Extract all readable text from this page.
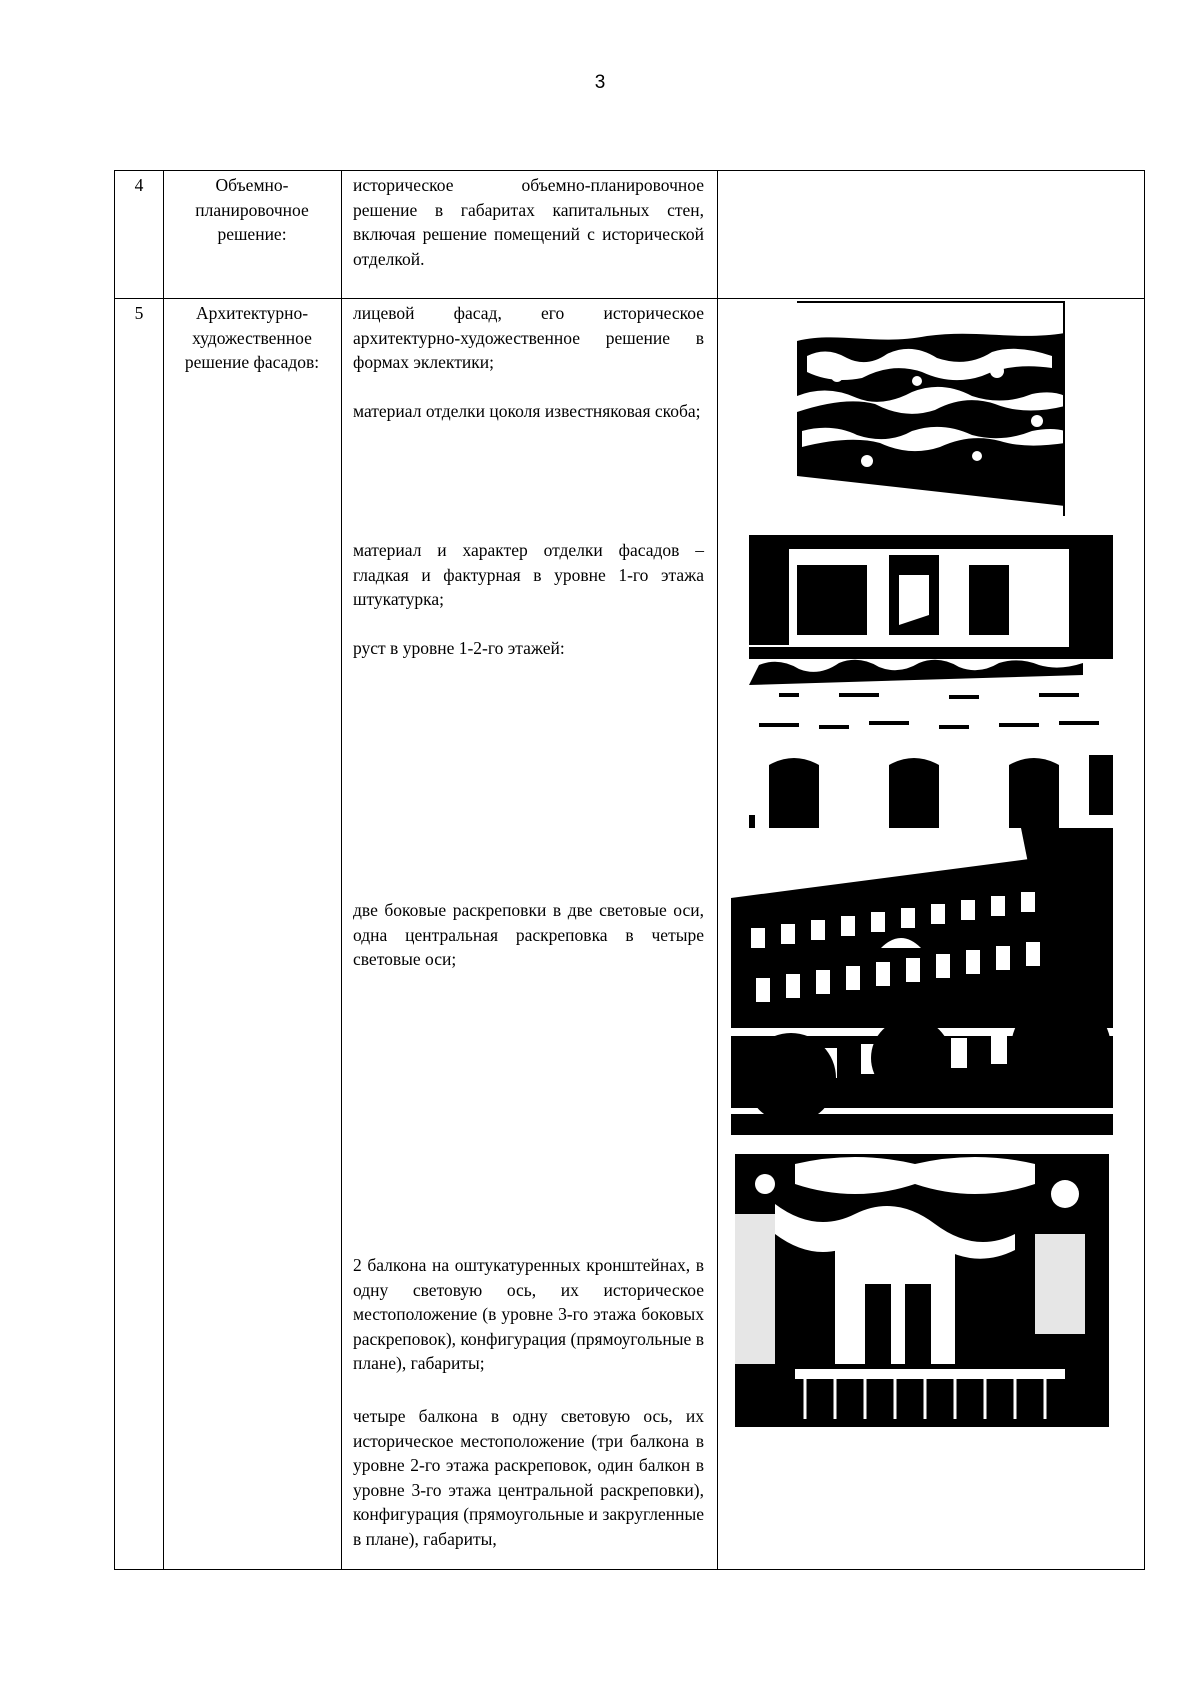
3
4	Объемно-планировочное решение:

историческое объемно-планировочное решение в габаритах капитальных стен, включая решение помещений с исторической отделкой.

5	Архитектурно-художественное решение фасадов:
лицевой фасад, его историческое архитектурно-художественное решение в формах эклектики;
материал отделки цоколя известняковая скоба;
материал и характер отделки фасадов – гладкая и фактурная в уровне 1-го этажа штукатурка;
руст в уровне 1-2-го этажей:
две боковые раскреповки в две световые оси, одна центральная раскреповка в четыре световые оси;
2 балкона на оштукатуренных кронштейнах, в одну световую ось, их историческое местоположение (в уровне 3-го этажа боковых раскреповок), конфигурация (прямоугольные в плане), габариты;
четыре балкона в одну световую ось, их историческое местоположение (три балкона в уровне 2-го этажа раскреповок, один балкон в уровне 3-го этажа центральной раскреповки), конфигурация (прямоугольные и закругленные в плане), габариты,
